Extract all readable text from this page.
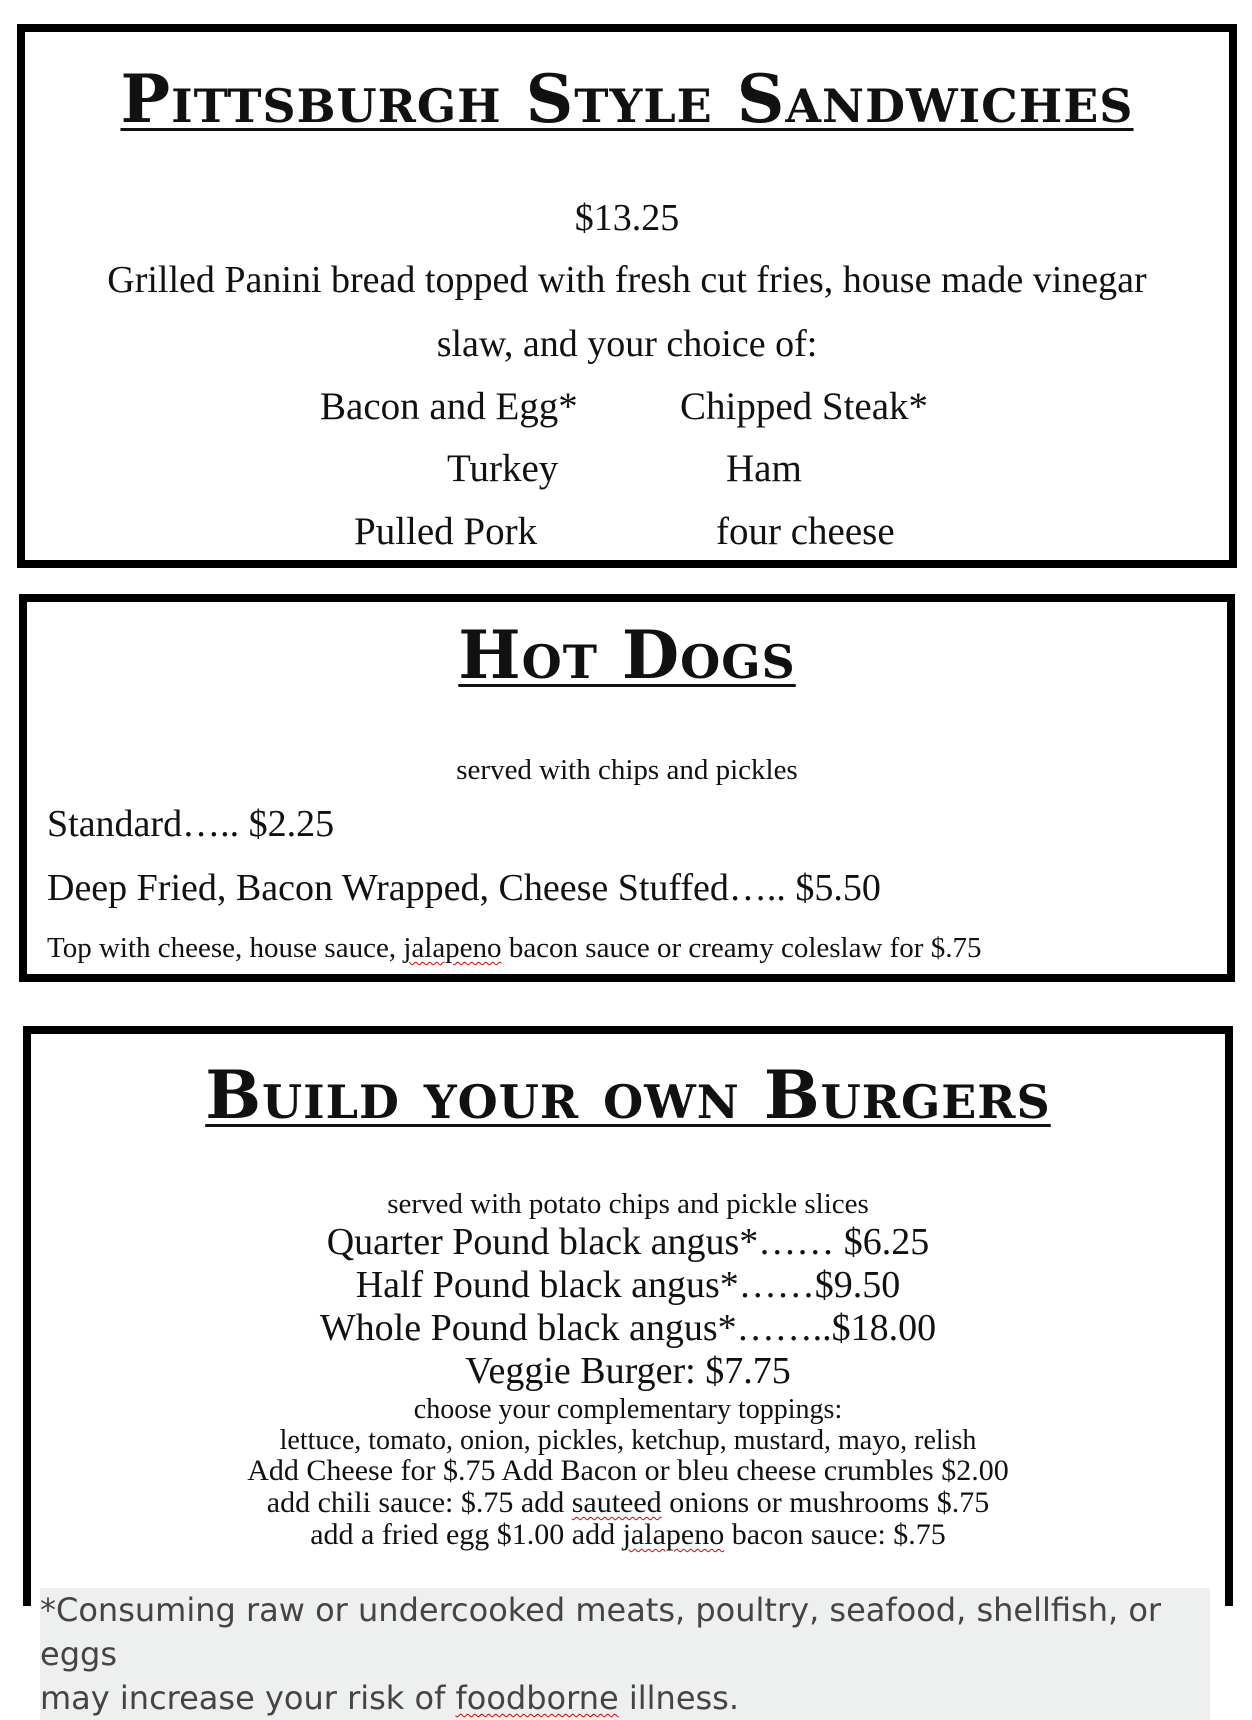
Pittsburgh Style Sandwiches
$13.25
Grilled Panini bread topped with fresh cut fries, house made vinegar
slaw, and your choice of:
Bacon and Egg*	Chipped Steak*
Turkey	Ham
Pulled Pork	four cheese
Hot Dogs
served with chips and pickles
Standard….. $2.25
Deep Fried, Bacon Wrapped, Cheese Stuffed….. $5.50
Top with cheese, house sauce, jalapeno bacon sauce or creamy coleslaw for $.75
Build your own Burgers
served with potato chips and pickle slices
Quarter Pound black angus*…… $6.25
Half Pound black angus*……$9.50
Whole Pound black angus*……..$18.00
Veggie Burger: $7.75
choose your complementary toppings:
lettuce, tomato, onion, pickles, ketchup, mustard, mayo, relish
Add Cheese for $.75 Add Bacon or bleu cheese crumbles $2.00
add chili sauce: $.75 add sauteed onions or mushrooms $.75
add a fried egg $1.00 add jalapeno bacon sauce: $.75
*Consuming raw or undercooked meats, poultry, seafood, shellfish, or eggs
may increase your risk of foodborne illness.
